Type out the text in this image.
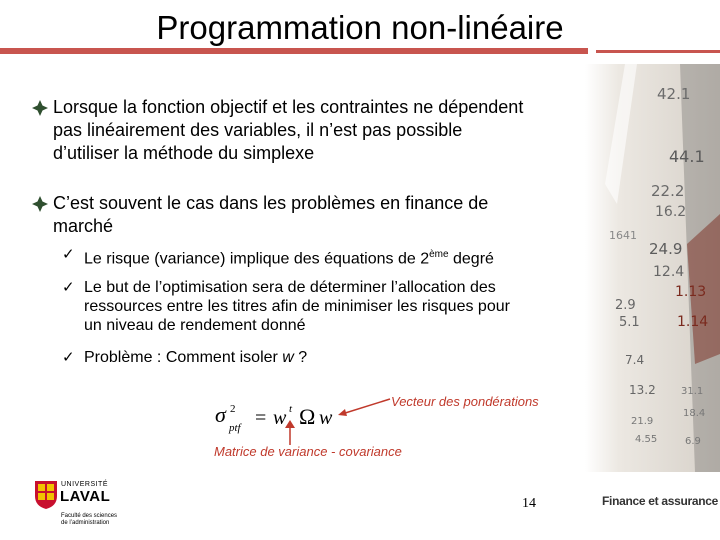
Programmation non-linéaire
42.1
44.1
22.2
16.2
24.9
12.4
1641
2.9
5.1
7.4
13.2
1.13
1.14
21.9
4.55
31.1
18.4
6.9
Lorsque la fonction objectif et les contraintes ne dépendent
pas linéairement des variables, il n’est pas possible
d’utiliser la méthode du simplexe
C’est souvent le cas dans les problèmes en finance de
marché
✓ Le risque (variance) implique des équations de 2ème degré
✓ Le but de l’optimisation sera de déterminer l’allocation des
ressources entre les titres afin de minimiser les risques pour
un niveau de rendement donné
✓ Problème : Comment isoler w ?
Vecteur des pondérations
σ 2
ptf = w t Ω w
Matrice de variance - covariance
UNIVERSITÉ
LAVAL
Faculté des sciences
de l’administration
14	Finance et assurance
